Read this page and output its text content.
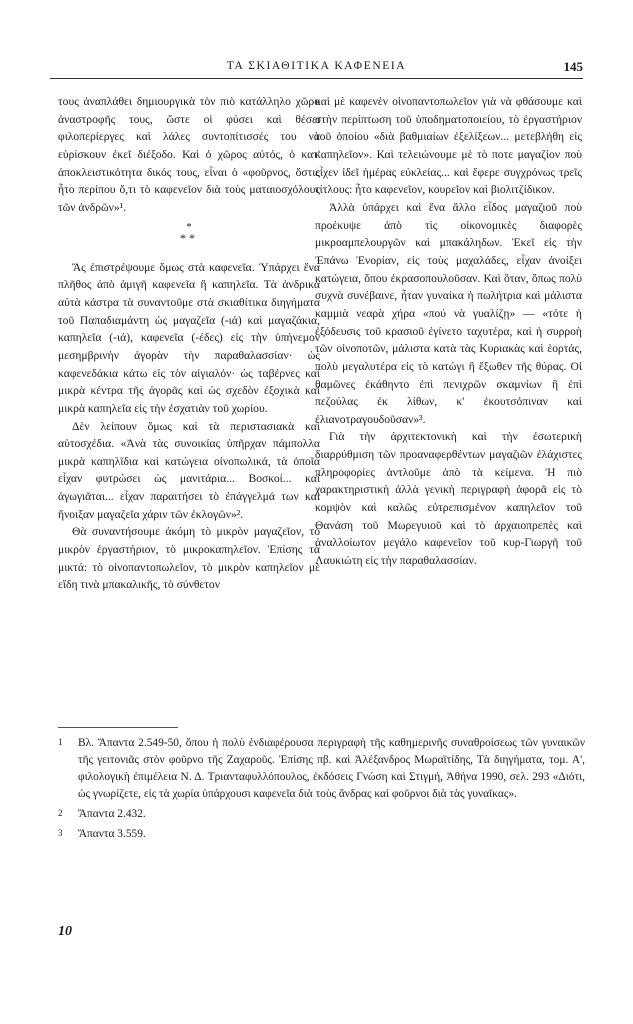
ΤΑ ΣΚΙΑΘΙΤΙΚΑ ΚΑΦΕΝΕΙΑ	145

τους ἀναπλάθει δημιουργικὰ τὸν πιὸ κατάλληλο χῶρο ἀναστροφῆς τους, ὥστε οἱ φύσει καὶ θέσει φιλοπερίεργες καὶ λάλες συντοπίτισσές του νὰ εὑρίσκουν ἐκεῖ διέξοδο. Καὶ ὁ χῶρος αὐτός, ὁ κατ' ἀποκλειστικότητα δικός τους, εἶναι ὁ «φοῦρνος, ὅστις ἦτο περίπου ὅ,τι τὸ καφενεῖον διὰ τοὺς ματαιοσχόλους τῶν ἀνδρῶν»¹.

*
**

Ἂς ἐπιστρέψουμε ὅμως στὰ καφενεῖα. Ὑπάρχει ἕνα πλῆθος ἀπὸ ἀμιγῆ καφενεῖα ἢ καπηλεῖα. Τὰ ἀνδρικὰ αὐτὰ κάστρα τὰ συναντοῦμε στὰ σκιαθίτικα διηγήματα τοῦ Παπαδιαμάντη ὡς μαγαζεῖα (-ιά) καὶ μαγαζάκια, καπηλεῖα (-ιά), καφενεῖα (-έδες) εἰς τὴν ὑπήνεμον μεσημβρινὴν ἀγορὰν τὴν παραθαλασσίαν· ὡς καφενεδάκια κάτω εἰς τὸν αἰγιαλόν· ὡς ταβέρνες καὶ μικρὰ κέντρα τῆς ἀγορᾶς καὶ ὡς σχεδὸν ἐξοχικὰ καὶ μικρὰ καπηλεῖα εἰς τὴν ἐσχατιὰν τοῦ χωρίου.

Δὲν λείπουν ὅμως καὶ τὰ περιστασιακὰ καὶ αὐτοσχέδια. «Ἀνὰ τὰς συνοικίας ὑπῆρχαν πάμπολλα μικρὰ καπηλῖδια καὶ κατώγεια οἰνοπωλικά, τὰ ὁποῖα εἶχαν φυτρώσει ὡς μανιτάρια... Βοσκοί... καὶ ἀγωγιᾶται... εἶχαν παραιτήσει τὸ ἐπάγγελμά των καὶ ἤνοιξαν μαγαζεῖα χάριν τῶν ἐκλογῶν»².

Θὰ συναντήσουμε ἀκόμη τὸ μικρὸν μαγαζεῖον, τὸ μικρὸν ἐργαστήριον, τὸ μικροκαπηλεῖον. Ἐπίσης τὰ μικτά: τὸ οἰνοπαντοπωλεῖον, τὸ μικρὸν καπηλεῖον μὲ εἴδη τινὰ μπακαλικῆς, τὸ σύνθετον

καὶ μὲ καφενὲν οἰνοπαντοπωλεῖον γιὰ νὰ φθάσουμε καὶ στὴν περίπτωση τοῦ ὑποδηματοποιείου, τὸ ἐργαστήριον τοῦ ὁποίου «διὰ βαθμιαίων ἐξελίξεων... μετεβλήθη εἰς καπηλεῖον». Καὶ τελειώνουμε μὲ τὸ ποτε μαγαζίον ποὺ εἶχεν ἰδεῖ ἡμέρας εὐκλείας... καὶ ἔφερε συγχρόνως τρεῖς τίτλους: ἦτο καφενεῖον, κουρεῖον καὶ βιολιτζίδικον.

Ἀλλὰ ὑπάρχει καὶ ἕνα ἄλλο εἶδος μαγαζιοῦ ποὺ προέκυψε ἀπὸ τὶς οἰκονομικὲς διαφορὲς μικροαμπελουργῶν καὶ μπακάληδων. Ἐκεῖ εἰς τὴν Ἐπάνω Ἐνορίαν, εἰς τοὺς μαχαλάδες, εἶχαν ἀνοίξει κατώγεια, ὅπου ἐκρασοπουλοῦσαν. Καὶ ὅταν, ὅπως πολὺ συχνὰ συνέβαινε, ἦταν γυναίκα ἡ πωλήτρια καὶ μάλιστα καμμιὰ νεαρὰ χήρα «πού νὰ γυαλίζῃ» — «τότε ἡ ἐξόδευσις τοῦ κρασιοῦ ἐγίνετο ταχυτέρα, καὶ ἡ συρροὴ τῶν οἰνοποτῶν, μάλιστα κατὰ τὰς Κυριακὰς καὶ ἑορτάς, πολὺ μεγαλυτέρα εἰς τὸ κατώγι ἢ ἔξωθεν τῆς θύρας. Οἱ θαμῶνες ἐκάθηντο ἐπὶ πενιχρῶν σκαμνίων ἢ ἐπὶ πεζούλας ἐκ λίθων, κ' ἐκουτσόπιναν καὶ ἐλιανοτραγουδοῦσαν»³.

Γιὰ τὴν ἀρχιτεκτονικὴ καὶ τὴν ἐσωτερικὴ διαρρύθμιση τῶν προαναφερθέντων μαγαζιῶν ἐλάχιστες πληροφορίες ἀντλοῦμε ἀπὸ τὰ κείμενα. Ἡ πιὸ χαρακτηριστικὴ ἀλλὰ γενικὴ περιγραφὴ ἀφορᾶ εἰς τὸ κομψὸν καὶ καλῶς εὐτρεπισμένον καπηλεῖον τοῦ Θανάση τοῦ Μωρεγυιοῦ καὶ τὸ ἀρχαιοπρεπὲς καὶ ἀναλλοίωτον μεγάλο καφενεῖον τοῦ κυρ-Γιωργῆ τοῦ Λαυκιώτη εἰς τὴν παραθαλασσίαν.

1	Βλ. Ἅπαντα 2.549-50, ὅπου ἡ πολὺ ἐνδιαφέρουσα περιγραφὴ τῆς καθημερινῆς συναθροίσεως τῶν γυναικῶν τῆς γειτονιᾶς στὸν φοῦρνο τῆς Ζαχαροῦς. Ἐπίσης πβ. καὶ Ἀλέξανδρος Μωραϊτίδης, Τὰ διηγήματα, τομ. Α', φιλολογικὴ ἐπιμέλεια Ν. Δ. Τριανταφυλλόπουλος, ἐκδόσεις Γνώση καὶ Στιγμή, Ἀθήνα 1990, σελ. 293 «Διότι, ὡς γνωρίζετε, εἰς τὰ χωρία ὑπάρχουσι καφενεῖα διὰ τοὺς ἄνδρας καὶ φοῦρνοι διὰ τὰς γυναῖκας».
2	Ἅπαντα 2.432.
3	Ἅπαντα 3.559.
10
